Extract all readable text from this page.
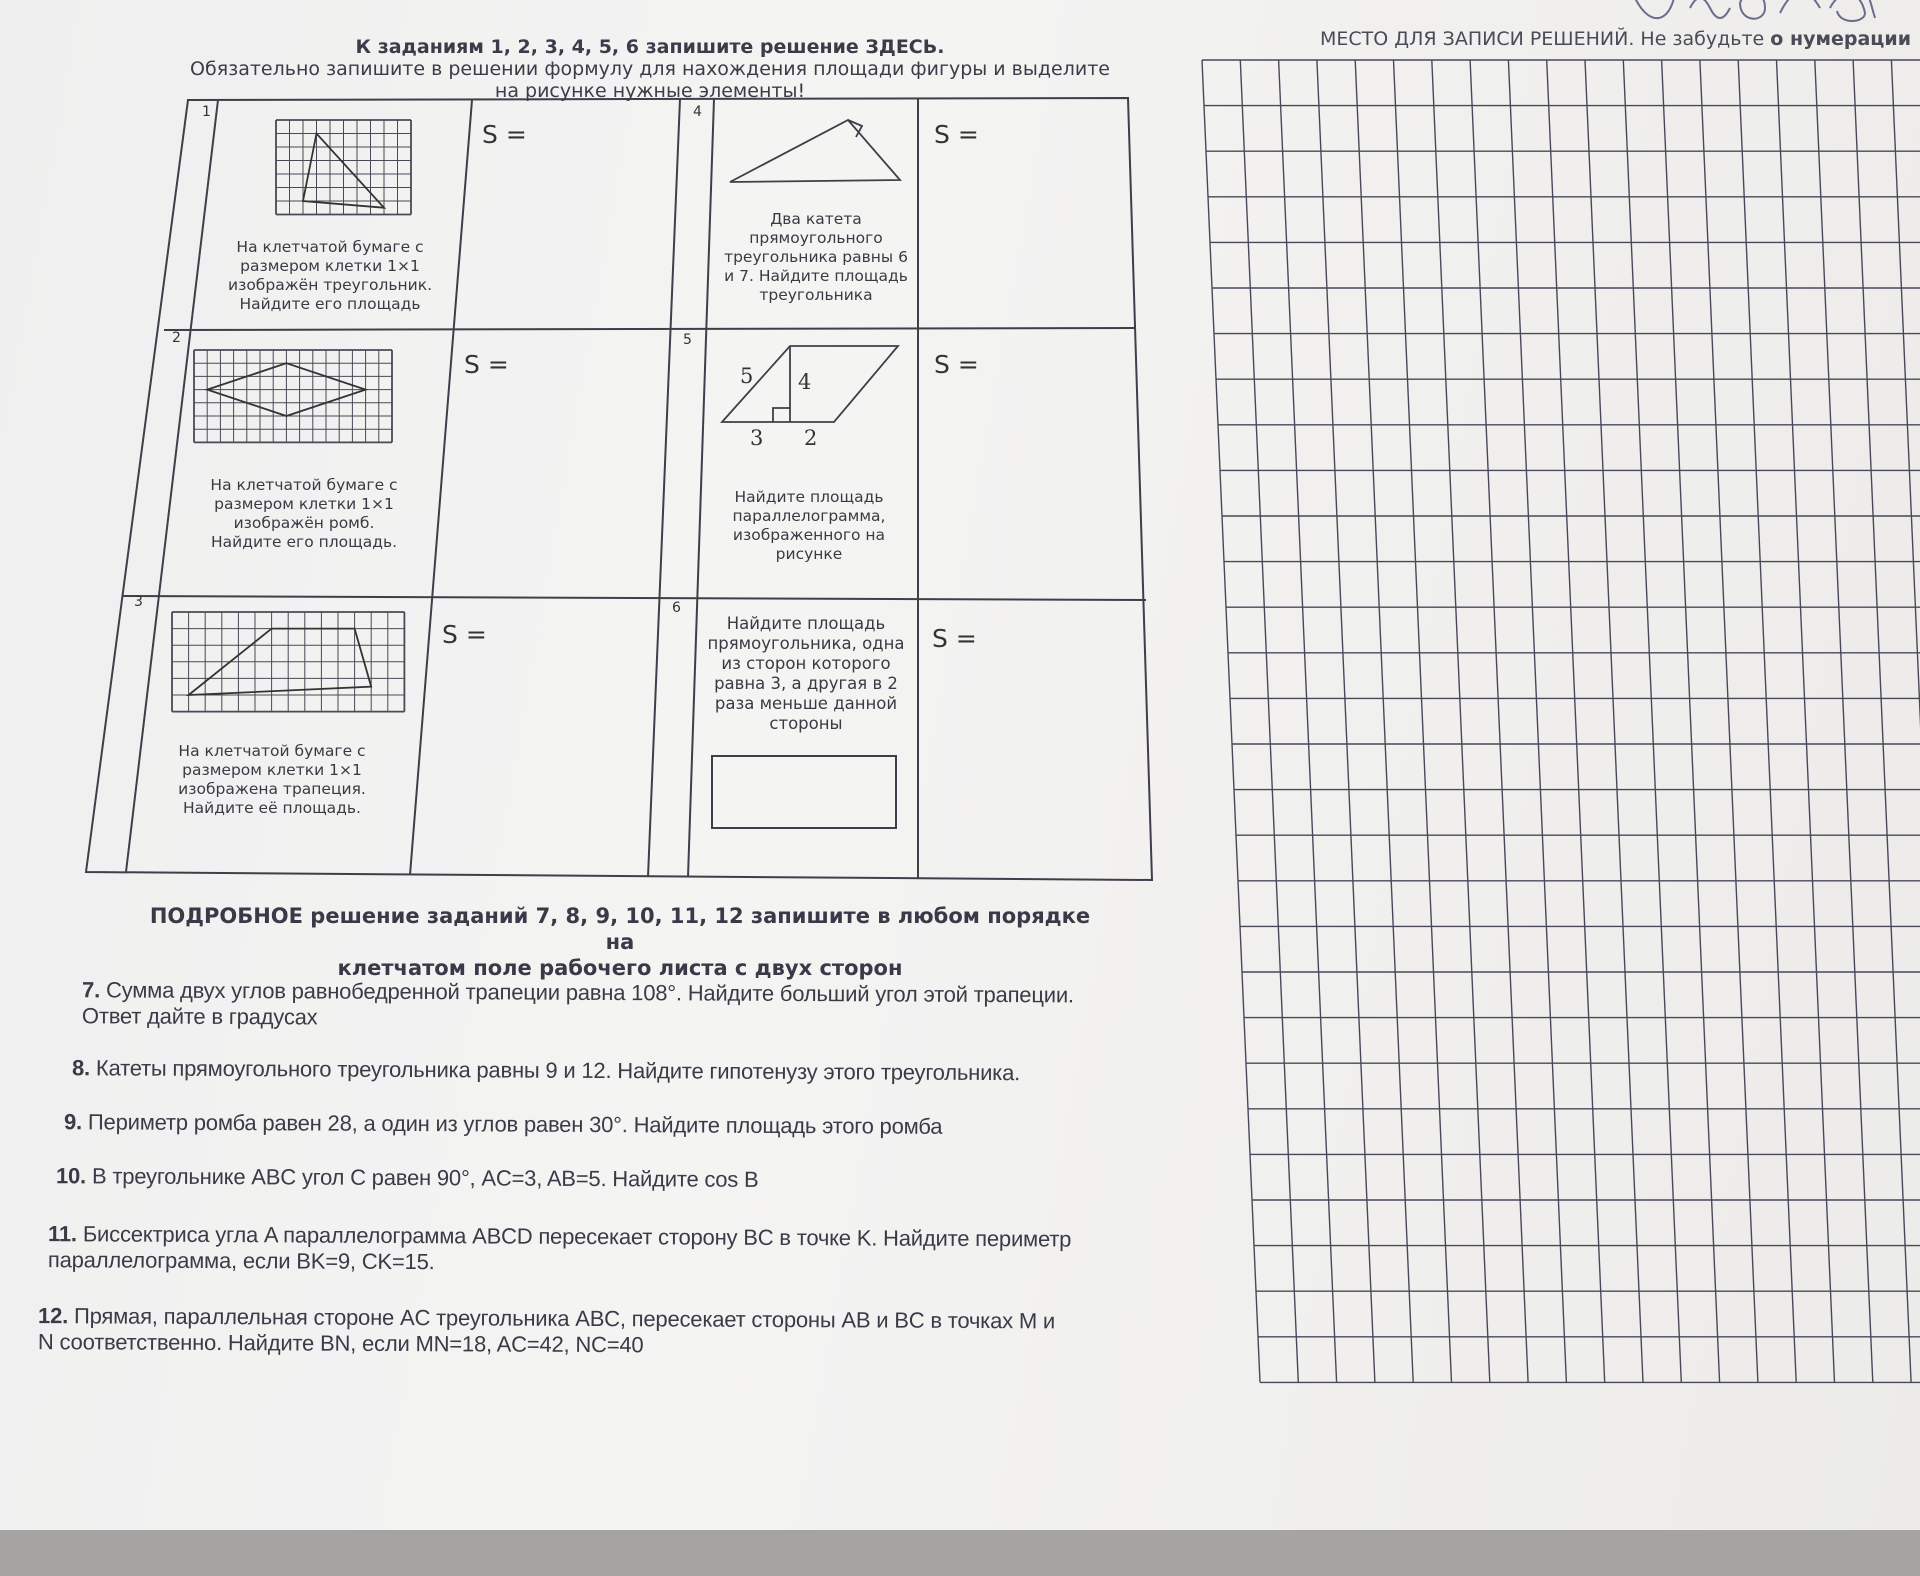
К заданиям 1, 2, 3, 4, 5, 6 запишите решение ЗДЕСЬ.
Обязательно запишите в решении формулу для нахождения площади фигуры и выделите
на рисунке нужные элементы!
МЕСТО ДЛЯ ЗАПИСИ РЕШЕНИЙ. Не забудьте о нумерации
1
2
3
4
5
6
S =
S =
S =
S =
S =
S =
На клетчатой бумаге с размером клетки 1×1 изображён треугольник. Найдите его площадь
На клетчатой бумаге с размером клетки 1×1 изображён ромб. Найдите его площадь.
На клетчатой бумаге с размером клетки 1×1 изображена трапеция. Найдите её площадь.
Два катета прямоугольного треугольника равны 6 и 7. Найдите площадь треугольника
Найдите площадь параллелограмма, изображенного на рисунке
Найдите площадь прямоугольника, одна из сторон которого равна 3, а другая в 2 раза меньше данной стороны
5 4
3 2
ПОДРОБНОЕ решение заданий 7, 8, 9, 10, 11, 12 запишите в любом порядке на
клетчатом поле рабочего листа с двух сторон
7. Сумма двух углов равнобедренной трапеции равна 108°. Найдите больший угол этой трапеции.
Ответ дайте в градусах
8. Катеты прямоугольного треугольника равны 9 и 12. Найдите гипотенузу этого треугольника.
9. Периметр ромба равен 28, а один из углов равен 30°. Найдите площадь этого ромба
10. В треугольнике ABC угол C равен 90°, AC=3, AB=5. Найдите cos B
11. Биссектриса угла A параллелограмма ABCD пересекает сторону BC в точке K. Найдите периметр
параллелограмма, если BK=9, CK=15.
12. Прямая, параллельная стороне AC треугольника ABC, пересекает стороны AB и BC в точках M и
N соответственно. Найдите BN, если MN=18, AC=42, NC=40
